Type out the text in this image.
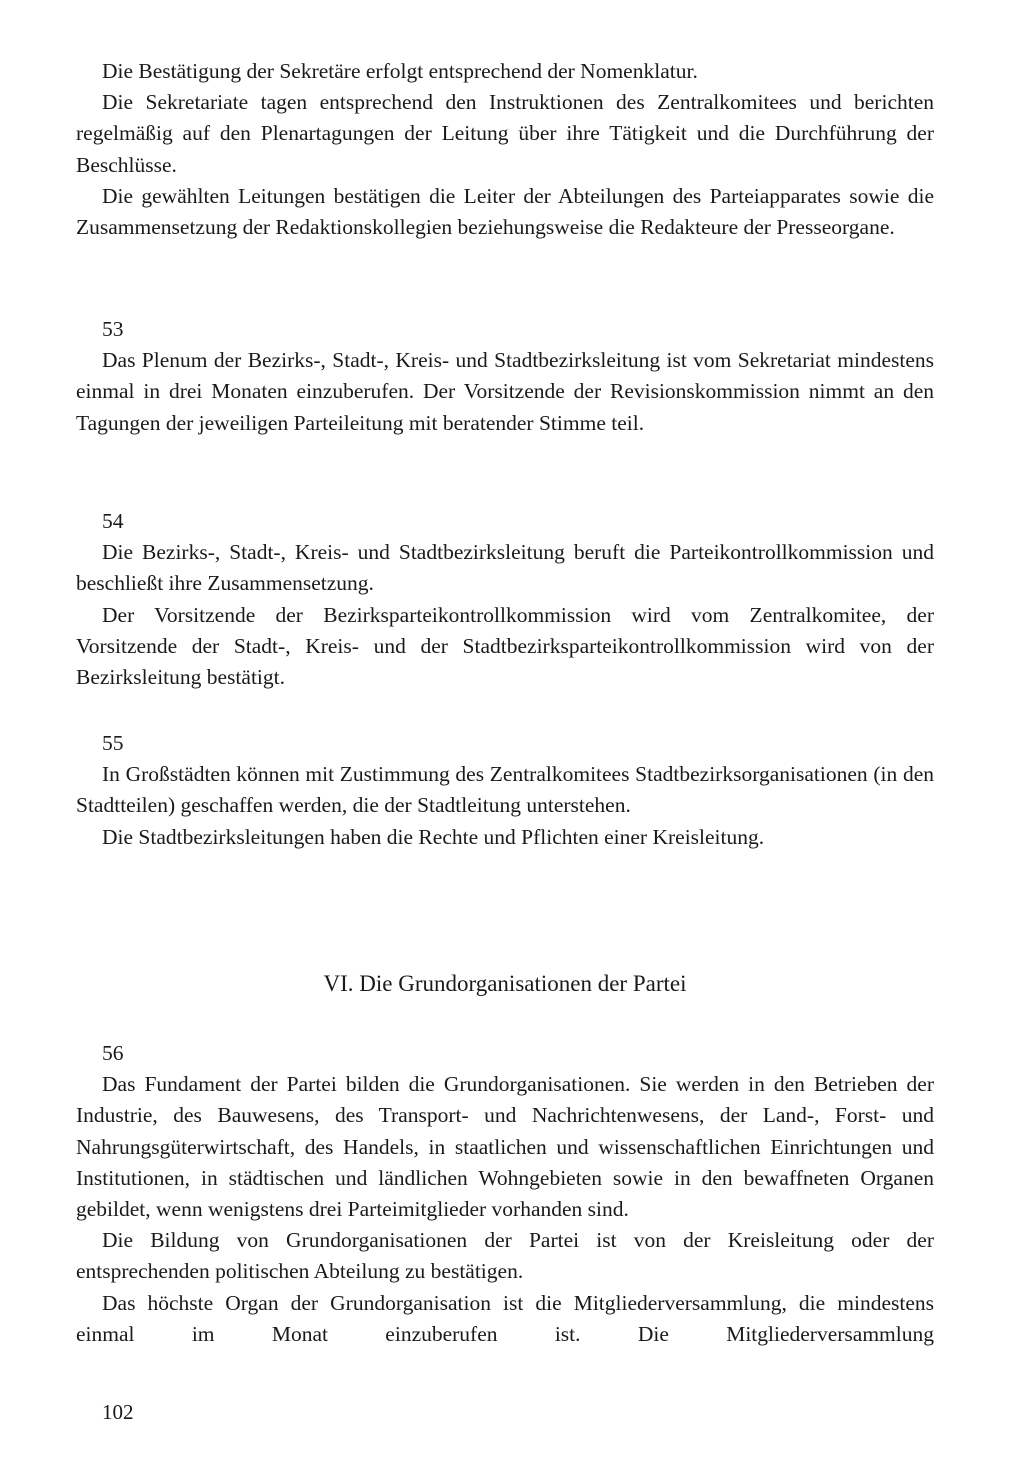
Die Bestätigung der Sekretäre erfolgt entsprechend der Nomenklatur.

Die Sekretariate tagen entsprechend den Instruktionen des Zentralkomitees und berichten regelmäßig auf den Plenartagungen der Leitung über ihre Tätigkeit und die Durchführung der Beschlüsse.

Die gewählten Leitungen bestätigen die Leiter der Abteilungen des Parteiapparates sowie die Zusammensetzung der Redaktionskollegien beziehungsweise die Redakteure der Presseorgane.

53

Das Plenum der Bezirks-, Stadt-, Kreis- und Stadtbezirksleitung ist vom Sekretariat mindestens einmal in drei Monaten einzuberufen. Der Vorsitzende der Revisionskommission nimmt an den Tagungen der jeweiligen Parteileitung mit beratender Stimme teil.

54

Die Bezirks-, Stadt-, Kreis- und Stadtbezirksleitung beruft die Parteikontrollkommission und beschließt ihre Zusammensetzung.

Der Vorsitzende der Bezirksparteikontrollkommission wird vom Zentralkomitee, der Vorsitzende der Stadt-, Kreis- und der Stadtbezirksparteikontrollkommission wird von der Bezirksleitung bestätigt.

55

In Großstädten können mit Zustimmung des Zentralkomitees Stadtbezirksorganisationen (in den Stadtteilen) geschaffen werden, die der Stadtleitung unterstehen.

Die Stadtbezirksleitungen haben die Rechte und Pflichten einer Kreisleitung.

VI. Die Grundorganisationen der Partei

56

Das Fundament der Partei bilden die Grundorganisationen. Sie werden in den Betrieben der Industrie, des Bauwesens, des Transport- und Nachrichtenwesens, der Land-, Forst- und Nahrungsgüterwirtschaft, des Handels, in staatlichen und wissenschaftlichen Einrichtungen und Institutionen, in städtischen und ländlichen Wohngebieten sowie in den bewaffneten Organen gebildet, wenn wenigstens drei Parteimitglieder vorhanden sind.

Die Bildung von Grundorganisationen der Partei ist von der Kreisleitung oder der entsprechenden politischen Abteilung zu bestätigen.

Das höchste Organ der Grundorganisation ist die Mitgliederversammlung, die mindestens einmal im Monat einzuberufen ist. Die Mitgliederversammlung

102
